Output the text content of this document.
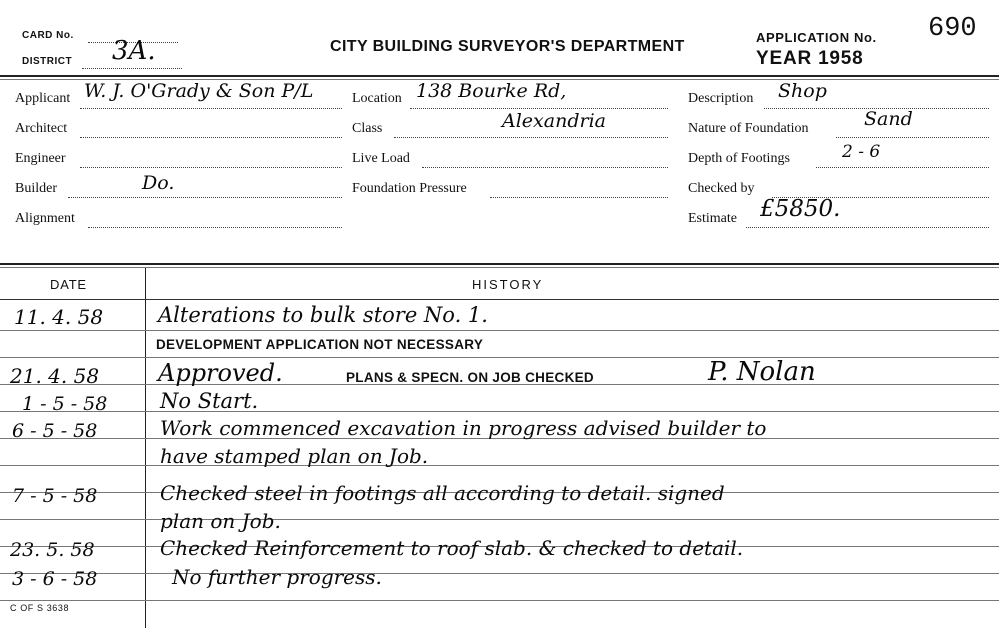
CARD No.
DISTRICT 3A.	CITY BUILDING SURVEYOR'S DEPARTMENT
APPLICATION No. 690
YEAR 1958
Applicant W. J. O'Grady & Son P/L	Location 138 Bourke Rd,	Description Shop
Architect	Class	Alexandria	Nature of Foundation	Sand
Engineer	Live Load	Depth of Footings	2 - 6
Builder	Do.	Foundation Pressure	Checked by
Alignment	Estimate £5850.
DATE	HISTORY
11. 4. 58	Alterations to bulk store No. 1.
DEVELOPMENT APPLICATION NOT NECESSARY
21. 4. 58 Approved.	PLANS & SPECN. ON JOB CHECKED	P. Nolan
1 - 5 - 58	No Start.
6 - 5 - 58	Work commenced excavation in progress advised builder to
have stamped plan on Job.
7 - 5 - 58	Checked steel in footings all according to detail. signed
plan on Job.
23. 5. 58	Checked Reinforcement to roof slab. & checked to detail.
3 - 6 - 58	No further progress.
C OF S 3638
